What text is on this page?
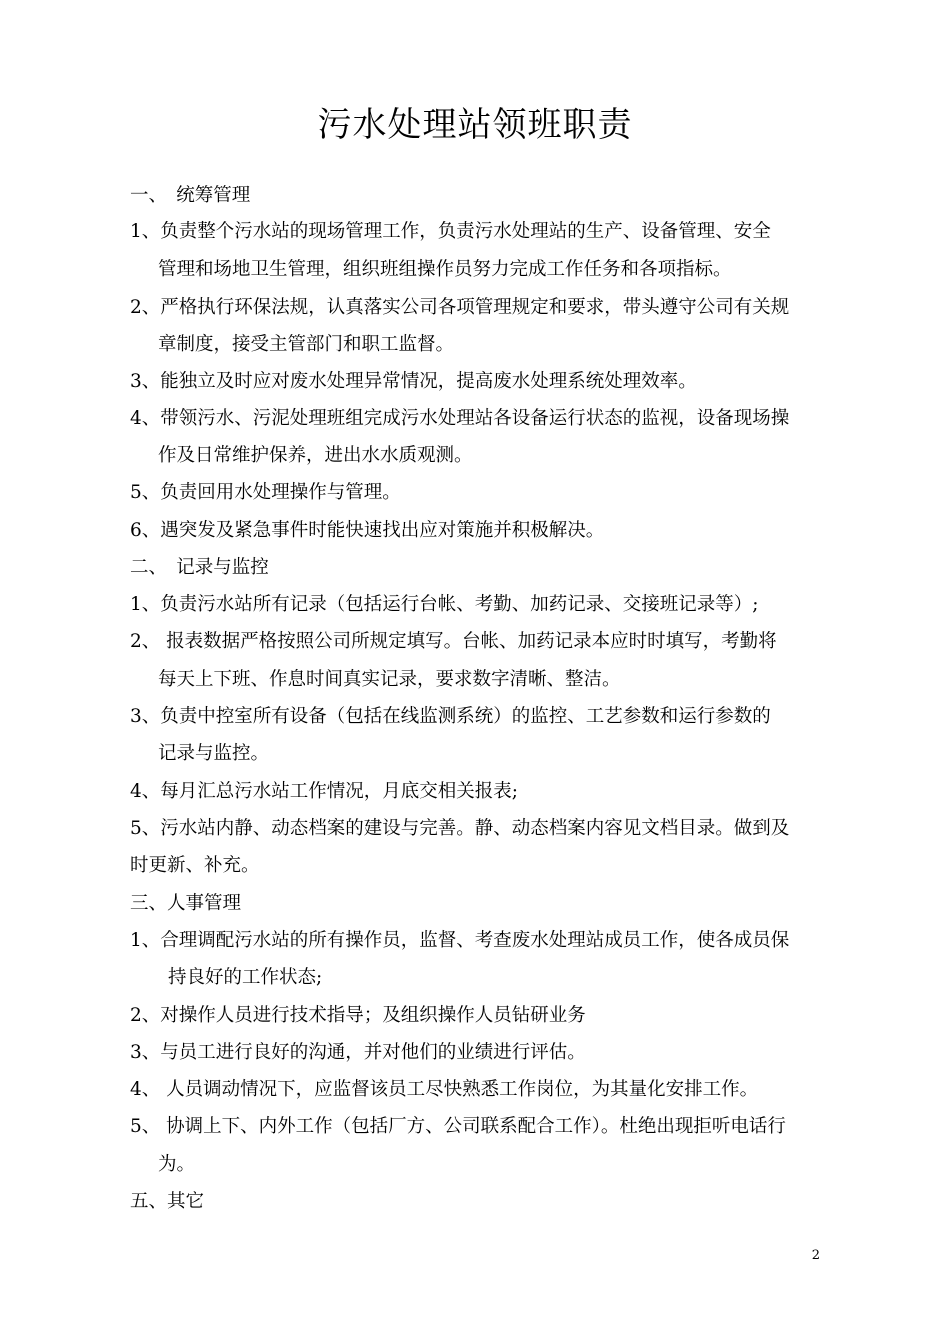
污水处理站领班职责
一、　统筹管理
1、负责整个污水站的现场管理工作，负责污水处理站的生产、设备管理、安全
管理和场地卫生管理，组织班组操作员努力完成工作任务和各项指标。
2、严格执行环保法规，认真落实公司各项管理规定和要求，带头遵守公司有关规
章制度，接受主管部门和职工监督。
3、能独立及时应对废水处理异常情况，提高废水处理系统处理效率。
4、带领污水、污泥处理班组完成污水处理站各设备运行状态的监视，设备现场操
作及日常维护保养，进出水水质观测。
5、负责回用水处理操作与管理。
6、遇突发及紧急事件时能快速找出应对策施并积极解决。
二、　记录与监控
1、负责污水站所有记录（包括运行台帐、考勤、加药记录、交接班记录等）;
2、 报表数据严格按照公司所规定填写。台帐、加药记录本应时时填写，考勤将
每天上下班、作息时间真实记录，要求数字清晰、整洁。
3、负责中控室所有设备（包括在线监测系统）的监控、工艺参数和运行参数的
记录与监控。
4、每月汇总污水站工作情况，月底交相关报表;
5、污水站内静、动态档案的建设与完善。静、动态档案内容见文档目录。做到及
时更新、补充。
三、人事管理
1、合理调配污水站的所有操作员，监督、考查废水处理站成员工作，使各成员保
持良好的工作状态;
2、对操作人员进行技术指导；及组织操作人员钻研业务
3、与员工进行良好的沟通，并对他们的业绩进行评估。
4、 人员调动情况下，应监督该员工尽快熟悉工作岗位，为其量化安排工作。
5、 协调上下、内外工作（包括厂方、公司联系配合工作）。杜绝出现拒听电话行
为。
五、其它
2
